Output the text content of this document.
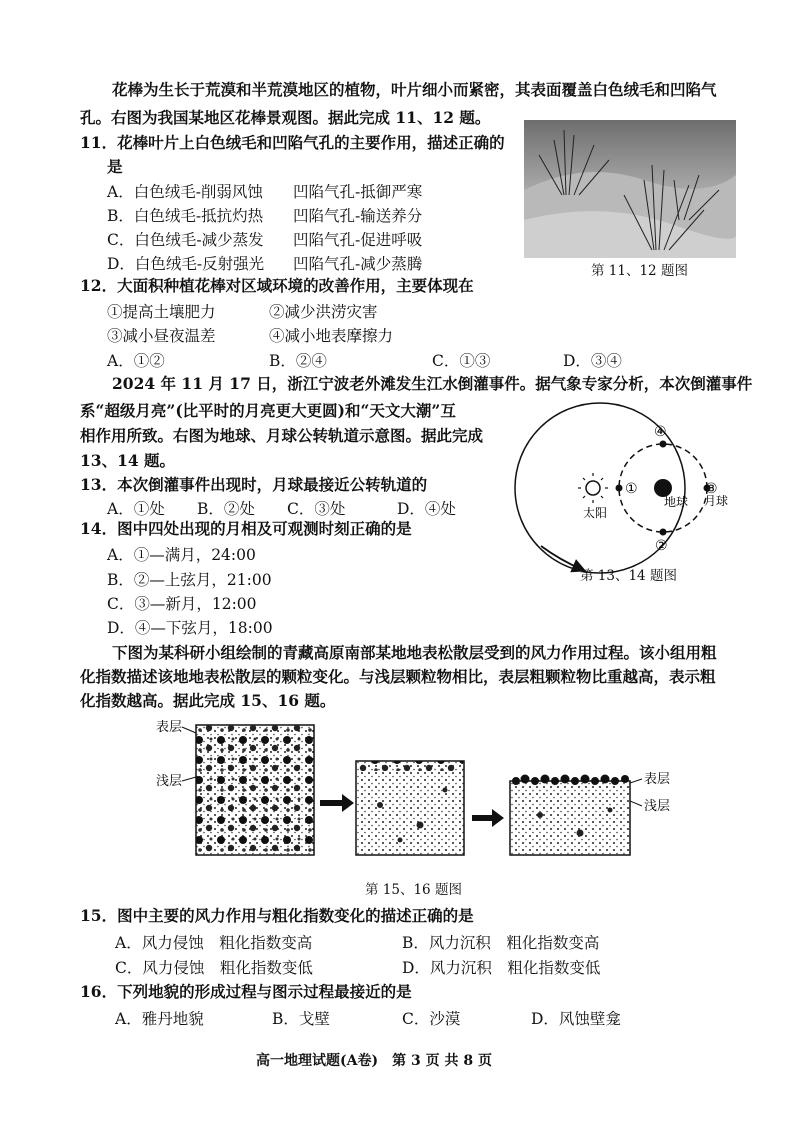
花棒为生长于荒漠和半荒漠地区的植物，叶片细小而紧密，其表面覆盖白色绒毛和凹陷气
孔。右图为我国某地区花棒景观图。据此完成 11、12 题。
第 11、12 题图
11．花棒叶片上白色绒毛和凹陷气孔的主要作用，描述正确的
是
A．白色绒毛-削弱风蚀 凹陷气孔-抵御严寒
B．白色绒毛-抵抗灼热 凹陷气孔-输送养分
C．白色绒毛-减少蒸发 凹陷气孔-促进呼吸
D．白色绒毛-反射强光 凹陷气孔-减少蒸腾
12．大面积种植花棒对区域环境的改善作用，主要体现在
①提高土壤肥力	②减少洪涝灾害
③减小昼夜温差	④减小地表摩擦力
A．①②	B．②④	C．①③	D．③④
2024 年 11 月 17 日，浙江宁波老外滩发生江水倒灌事件。据气象专家分析，本次倒灌事件
系“超级月亮”(比平时的月亮更大更圆)和“天文大潮”互
相作用所致。右图为地球、月球公转轨道示意图。据此完成
13、14 题。
13．本次倒灌事件出现时，月球最接近公转轨道的
A．①处 B．②处 C．③处	D．④处
14．图中四处出现的月相及可观测时刻正确的是
A．①—满月，24:00
B．②—上弦月，21:00
C．③—新月，12:00
D．④—下弦月，18:00
太阳
地球
①
②
③
月球
④
第 13、14 题图
下图为某科研小组绘制的青藏高原南部某地地表松散层受到的风力作用过程。该小组用粗
化指数描述该地地表松散层的颗粒变化。与浅层颗粒物相比，表层粗颗粒物比重越高，表示粗
化指数越高。据此完成 15、16 题。
表层
浅层	表层
浅层
第 15、16 题图
15．图中主要的风力作用与粗化指数变化的描述正确的是
A．风力侵蚀　粗化指数变高	B．风力沉积　粗化指数变高
C．风力侵蚀　粗化指数变低	D．风力沉积　粗化指数变低
16．下列地貌的形成过程与图示过程最接近的是
A．雅丹地貌	B．戈壁	C．沙漠	D．风蚀壁龛
高一地理试题(A卷)　第 3 页 共 8 页
